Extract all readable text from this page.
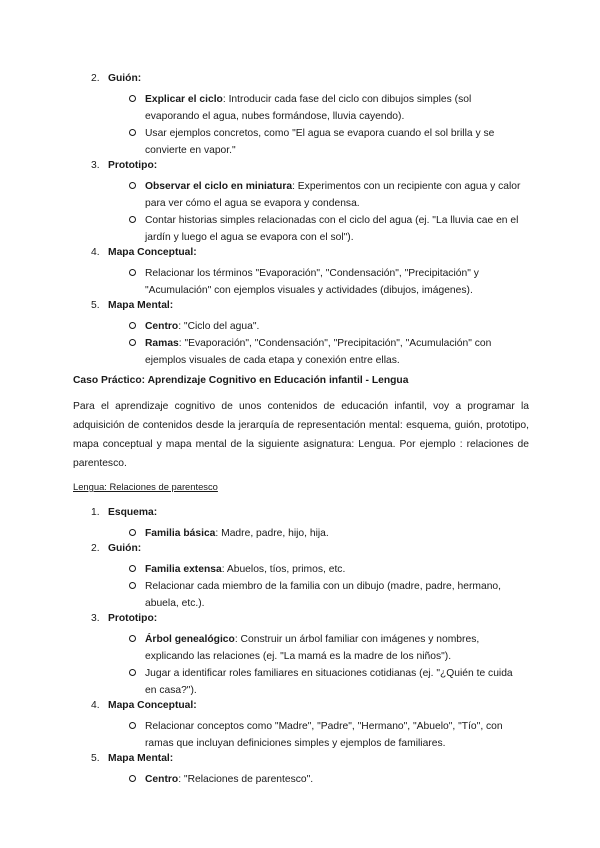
2. Guión:
Explicar el ciclo: Introducir cada fase del ciclo con dibujos simples (sol evaporando el agua, nubes formándose, lluvia cayendo).
Usar ejemplos concretos, como "El agua se evapora cuando el sol brilla y se convierte en vapor."
3. Prototipo:
Observar el ciclo en miniatura: Experimentos con un recipiente con agua y calor para ver cómo el agua se evapora y condensa.
Contar historias simples relacionadas con el ciclo del agua (ej. "La lluvia cae en el jardín y luego el agua se evapora con el sol").
4. Mapa Conceptual:
Relacionar los términos "Evaporación", "Condensación", "Precipitación" y "Acumulación" con ejemplos visuales y actividades (dibujos, imágenes).
5. Mapa Mental:
Centro: "Ciclo del agua".
Ramas: "Evaporación", "Condensación", "Precipitación", "Acumulación" con ejemplos visuales de cada etapa y conexión entre ellas.
Caso Práctico: Aprendizaje Cognitivo en Educación infantil - Lengua
Para el aprendizaje cognitivo de unos contenidos de educación infantil, voy a programar la adquisición de contenidos desde la jerarquía de representación mental: esquema, guión, prototipo, mapa conceptual y mapa mental de la siguiente asignatura: Lengua. Por ejemplo : relaciones de parentesco.
Lengua: Relaciones de parentesco
1. Esquema:
Familia básica: Madre, padre, hijo, hija.
2. Guión:
Familia extensa: Abuelos, tíos, primos, etc.
Relacionar cada miembro de la familia con un dibujo (madre, padre, hermano, abuela, etc.).
3. Prototipo:
Árbol genealógico: Construir un árbol familiar con imágenes y nombres, explicando las relaciones (ej. "La mamá es la madre de los niños").
Jugar a identificar roles familiares en situaciones cotidianas (ej. "¿Quién te cuida en casa?").
4. Mapa Conceptual:
Relacionar conceptos como "Madre", "Padre", "Hermano", "Abuelo", "Tío", con ramas que incluyan definiciones simples y ejemplos de familiares.
5. Mapa Mental:
Centro: "Relaciones de parentesco".
